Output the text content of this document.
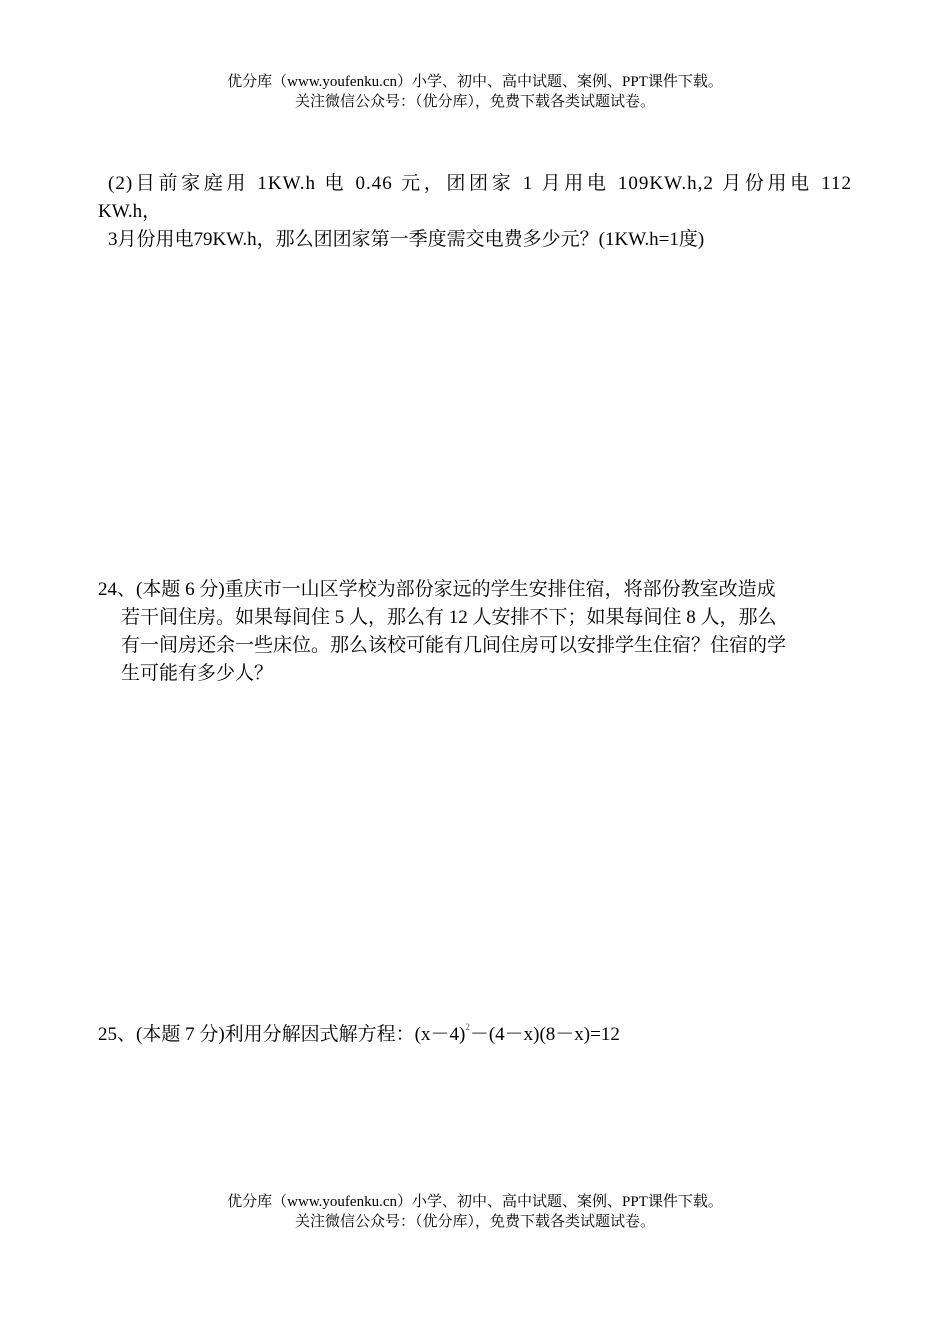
优分库（www.youfenku.cn）小学、初中、高中试题、案例、PPT课件下载。
关注微信公众号：（优分库），免费下载各类试题试卷。
(2)目前家庭用 1KW.h 电 0.46 元，团团家 1 月用电 109KW.h,2 月份用电 112
KW.h，
3月份用电79KW.h，那么团团家第一季度需交电费多少元？(1KW.h=1度)
24、(本题 6 分)重庆市一山区学校为部份家远的学生安排住宿，将部份教室改造成
若干间住房。如果每间住 5 人，那么有 12 人安排不下；如果每间住 8 人，那么
有一间房还余一些床位。那么该校可能有几间住房可以安排学生住宿？住宿的学
生可能有多少人？
25、(本题 7 分)利用分解因式解方程：$(x-4)^2-(4-x)(8-x)=12$
优分库（www.youfenku.cn）小学、初中、高中试题、案例、PPT课件下载。
关注微信公众号：（优分库），免费下载各类试题试卷。
